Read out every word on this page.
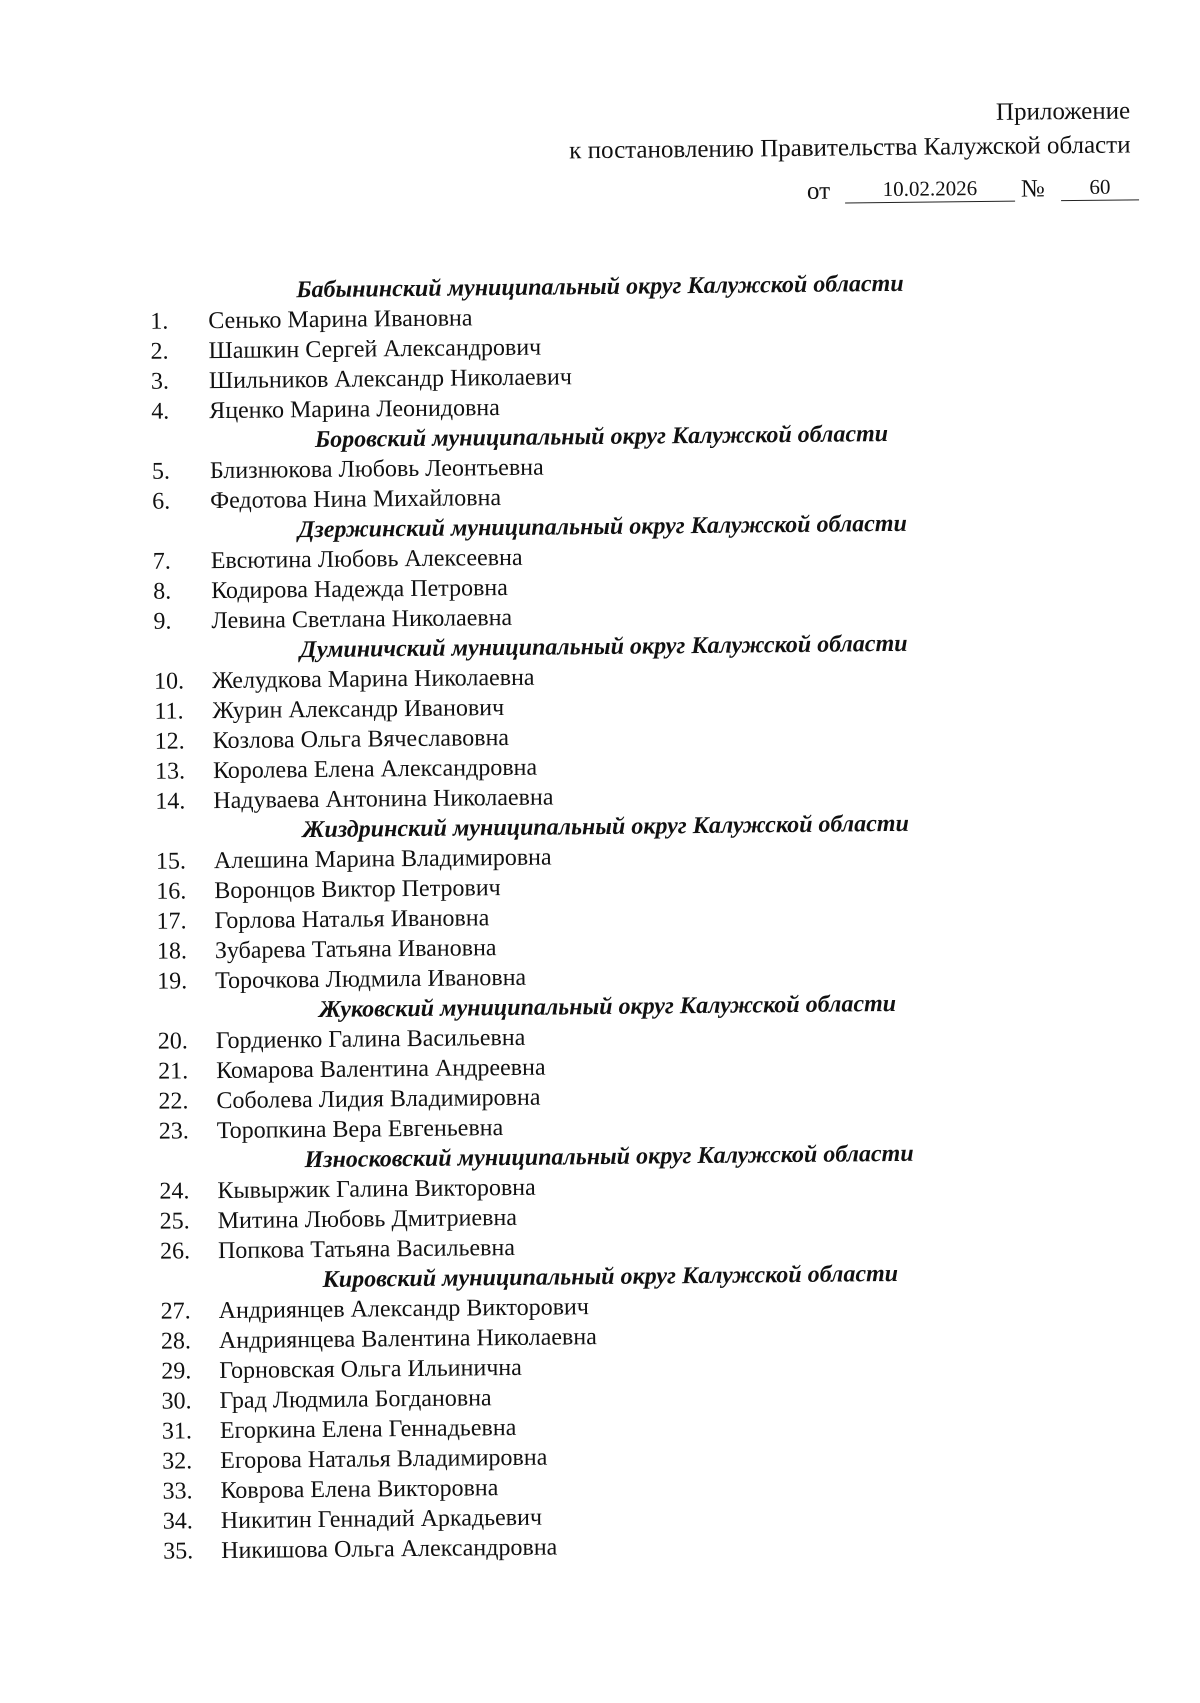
Приложение
к постановлению Правительства Калужской области
от	10.02.2026	№	60
Бабынинский муниципальный округ Калужской области
1.	Сенько Марина Ивановна
2.	Шашкин Сергей Александрович
3.	Шильников Александр Николаевич
4.	Яценко Марина Леонидовна
Боровский муниципальный округ Калужской области
5.	Близнюкова Любовь Леонтьевна
6.	Федотова Нина Михайловна
Дзержинский муниципальный округ Калужской области
7.	Евсютина Любовь Алексеевна
8.	Кодирова Надежда Петровна
9.	Левина Светлана Николаевна
Думиничский муниципальный округ Калужской области
10.	Желудкова Марина Николаевна
11.	Журин Александр Иванович
12.	Козлова Ольга Вячеславовна
13.	Королева Елена Александровна
14.	Надуваева Антонина Николаевна
Жиздринский муниципальный округ Калужской области
15.	Алешина Марина Владимировна
16.	Воронцов Виктор Петрович
17.	Горлова Наталья Ивановна
18.	Зубарева Татьяна Ивановна
19.	Торочкова Людмила Ивановна
Жуковский муниципальный округ Калужской области
20.	Гордиенко Галина Васильевна
21.	Комарова Валентина Андреевна
22.	Соболева Лидия Владимировна
23.	Торопкина Вера Евгеньевна
Износковский муниципальный округ Калужской области
24.	Кывыржик Галина Викторовна
25.	Митина Любовь Дмитриевна
26.	Попкова Татьяна Васильевна
Кировский муниципальный округ Калужской области
27.	Андриянцев Александр Викторович
28.	Андриянцева Валентина Николаевна
29.	Горновская Ольга Ильинична
30.	Град Людмила Богдановна
31.	Егоркина Елена Геннадьевна
32.	Егорова Наталья Владимировна
33.	Коврова Елена Викторовна
34.	Никитин Геннадий Аркадьевич
35.	Никишова Ольга Александровна
